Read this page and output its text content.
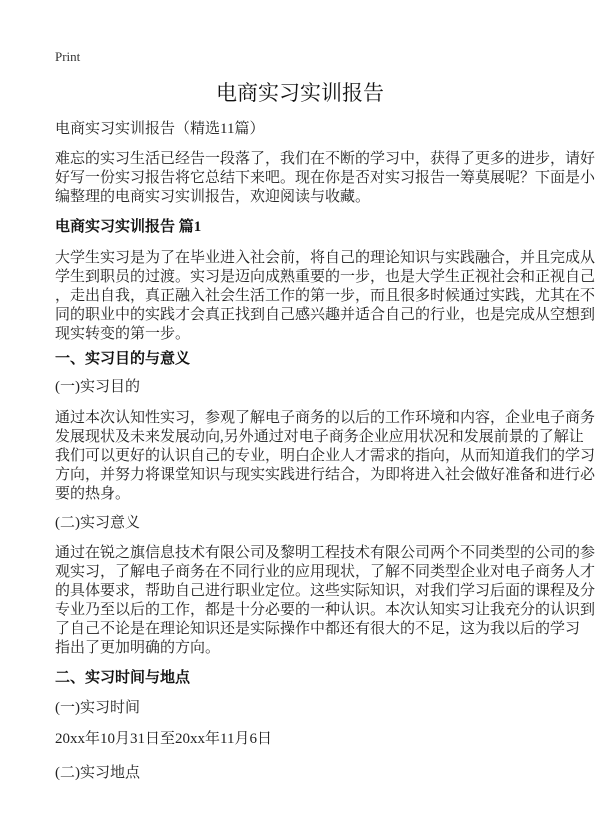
Print
电商实习实训报告
电商实习实训报告（精选11篇）
难忘的实习生活已经告一段落了，我们在不断的学习中，获得了更多的进步，请好
好写一份实习报告将它总结下来吧。现在你是否对实习报告一筹莫展呢？下面是小
编整理的电商实习实训报告，欢迎阅读与收藏。
电商实习实训报告 篇1
大学生实习是为了在毕业进入社会前，将自己的理论知识与实践融合，并且完成从
学生到职员的过渡。实习是迈向成熟重要的一步，也是大学生正视社会和正视自己
，走出自我，真正融入社会生活工作的第一步，而且很多时候通过实践，尤其在不
同的职业中的实践才会真正找到自己感兴趣并适合自己的行业，也是完成从空想到
现实转变的第一步。
一、实习目的与意义
(一)实习目的
通过本次认知性实习，参观了解电子商务的以后的工作环境和内容，企业电子商务
发展现状及未来发展动向,另外通过对电子商务企业应用状况和发展前景的了解让
我们可以更好的认识自己的专业，明白企业人才需求的指向，从而知道我们的学习
方向，并努力将课堂知识与现实实践进行结合，为即将进入社会做好准备和进行必
要的热身。
(二)实习意义
通过在锐之旗信息技术有限公司及黎明工程技术有限公司两个不同类型的公司的参
观实习，了解电子商务在不同行业的应用现状，了解不同类型企业对电子商务人才
的具体要求，帮助自己进行职业定位。这些实际知识，对我们学习后面的课程及分
专业乃至以后的工作，都是十分必要的一种认识。本次认知实习让我充分的认识到
了自己不论是在理论知识还是实际操作中都还有很大的不足，这为我以后的学习
指出了更加明确的方向。
二、实习时间与地点
(一)实习时间
20xx年10月31日至20xx年11月6日
(二)实习地点
